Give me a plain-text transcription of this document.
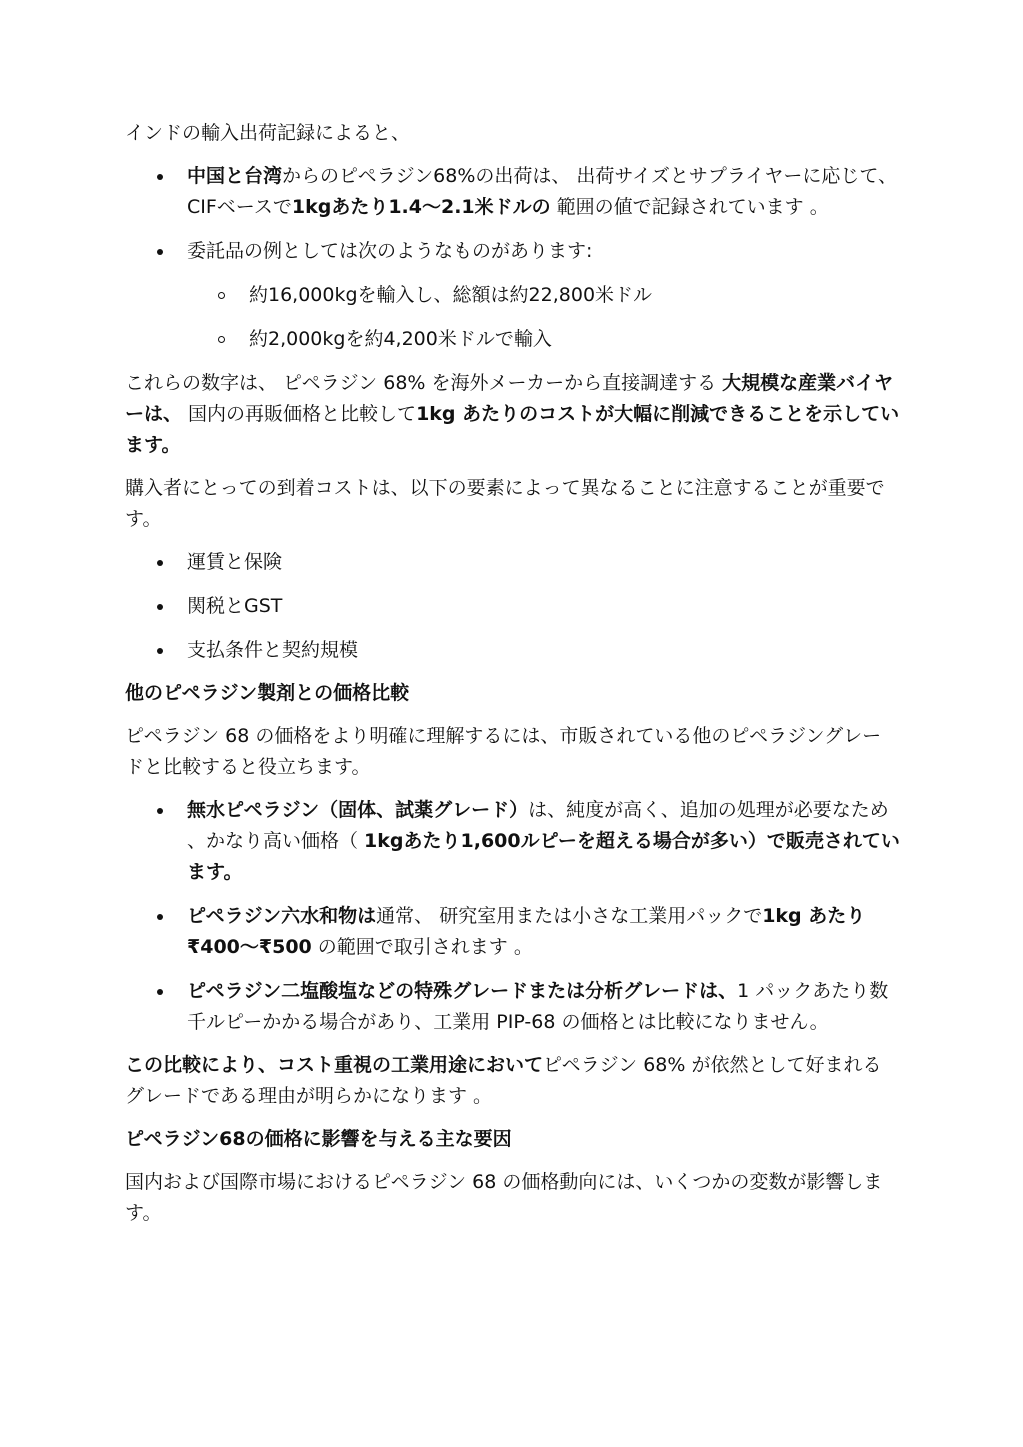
インドの輸入出荷記録によると、

中国と台湾からのピペラジン68%の出荷は、 出荷サイズとサプライヤーに応じて、CIFベースで1kgあたり1.4〜2.1米ドルの 範囲の値で記録されています 。
委託品の例としては次のようなものがあります:
約16,000kgを輸入し、総額は約22,800米ドル
約2,000kgを約4,200米ドルで輸入

これらの数字は、 ピペラジン 68% を海外メーカーから直接調達する 大規模な産業バイヤーは、 国内の再販価格と比較して1kg あたりのコストが大幅に削減できることを示しています。

購入者にとっての到着コストは、以下の要素によって異なることに注意することが重要です。

運賃と保険
関税とGST
支払条件と契約規模
他のピペラジン製剤との価格比較

ピペラジン 68 の価格をより明確に理解するには、市販されている他のピペラジングレードと比較すると役立ちます。

無水ピペラジン（固体、試薬グレード）は、純度が高く、追加の処理が必要なため 、かなり高い価格（ 1kgあたり1,600ルピーを超える場合が多い）で販売されています。
ピペラジン六水和物は通常、 研究室用または小さな工業用パックで1kg あたり ₹400〜₹500 の範囲で取引されます 。
ピペラジン二塩酸塩などの特殊グレードまたは分析グレードは、1 パックあたり数千ルピーかかる場合があり、工業用 PIP-68 の価格とは比較になりません。

この比較により、コスト重視の工業用途においてピペラジン 68% が依然として好まれるグレードである理由が明らかになります 。

ピペラジン68の価格に影響を与える主な要因

国内および国際市場におけるピペラジン 68 の価格動向には、いくつかの変数が影響します。
